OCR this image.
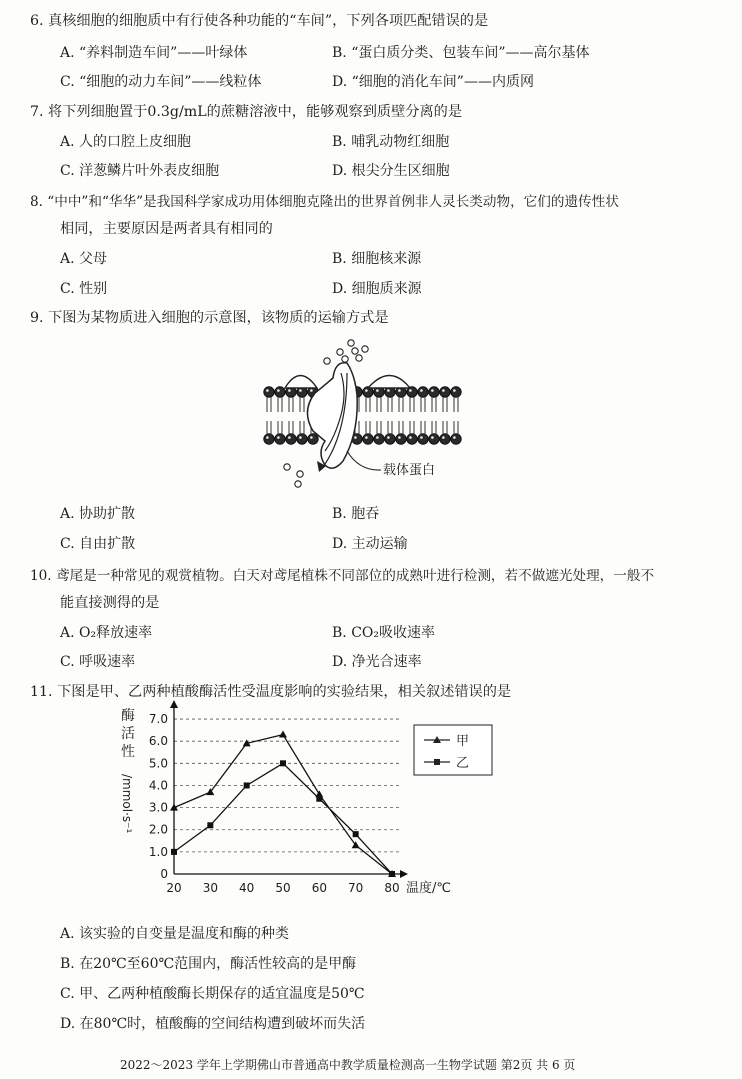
6. 真核细胞的细胞质中有行使各种功能的“车间”，下列各项匹配错误的是
A. “养料制造车间”——叶绿体	B. “蛋白质分类、包装车间”——高尔基体
C. “细胞的动力车间”——线粒体	D. “细胞的消化车间”——内质网
7. 将下列细胞置于0.3g/mL的蔗糖溶液中，能够观察到质壁分离的是
A. 人的口腔上皮细胞	B. 哺乳动物红细胞
C. 洋葱鳞片叶外表皮细胞	D. 根尖分生区细胞
8. “中中”和“华华”是我国科学家成功用体细胞克隆出的世界首例非人灵长类动物，它们的遗传性状
相同，主要原因是两者具有相同的
A. 父母	B. 细胞核来源
C. 性别	D. 细胞质来源
9. 下图为某物质进入细胞的示意图，该物质的运输方式是
载体蛋白
A. 协助扩散	B. 胞吞
C. 自由扩散	D. 主动运输
10. 鸢尾是一种常见的观赏植物。白天对鸢尾植株不同部位的成熟叶进行检测，若不做遮光处理，一般不
能直接测得的是
A. O₂释放速率	B. CO₂吸收速率
C. 呼吸速率	D. 净光合速率
11. 下图是甲、乙两种植酸酶活性受温度影响的实验结果，相关叙述错误的是
0
1.0
2.0
3.0
4.0
5.0
6.0
7.0
20 30 40 50 60 70 80 温度/℃
酶
活
性
/mmol·s⁻¹
甲
乙
A. 该实验的自变量是温度和酶的种类
B. 在20℃至60℃范围内，酶活性较高的是甲酶
C. 甲、乙两种植酸酶长期保存的适宜温度是50℃
D. 在80℃时，植酸酶的空间结构遭到破坏而失活
2022～2023 学年上学期佛山市普通高中教学质量检测高一生物学试题 第2页 共 6 页
